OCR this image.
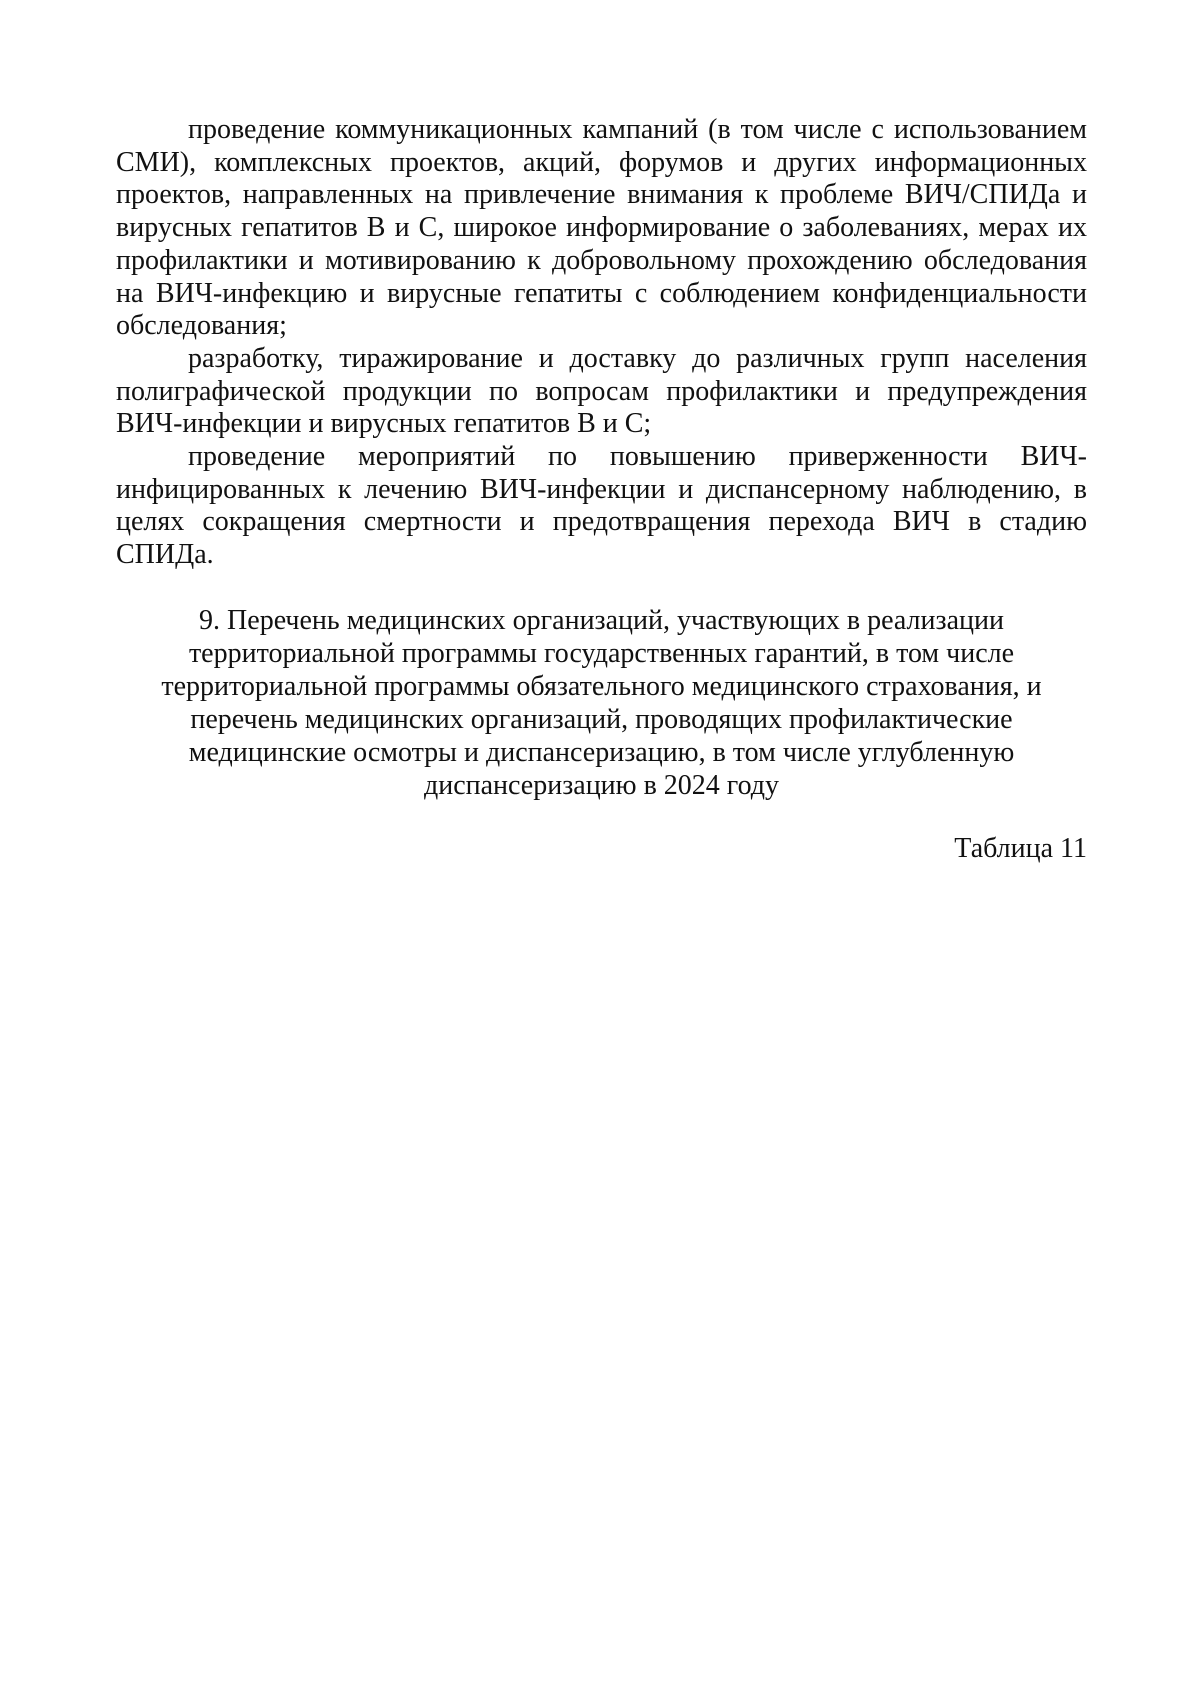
проведение коммуникационных кампаний (в том числе с использованием СМИ), комплексных проектов, акций, форумов и других информационных проектов, направленных на привлечение внимания к проблеме ВИЧ/СПИДа и вирусных гепатитов B и C, широкое информирование о заболеваниях, мерах их профилактики и мотивированию к добровольному прохождению обследования на ВИЧ-инфекцию и вирусные гепатиты с соблюдением конфиденциальности обследования;

разработку, тиражирование и доставку до различных групп населения полиграфической продукции по вопросам профилактики и предупреждения ВИЧ-инфекции и вирусных гепатитов B и C;

проведение мероприятий по повышению приверженности ВИЧ-инфицированных к лечению ВИЧ-инфекции и диспансерному наблюдению, в целях сокращения смертности и предотвращения перехода ВИЧ в стадию СПИДа.

9. Перечень медицинских организаций, участвующих в реализации
территориальной программы государственных гарантий, в том числе
территориальной программы обязательного медицинского страхования, и
перечень медицинских организаций, проводящих профилактические
медицинские осмотры и диспансеризацию, в том числе углубленную
диспансеризацию в 2024 году
Таблица 11
